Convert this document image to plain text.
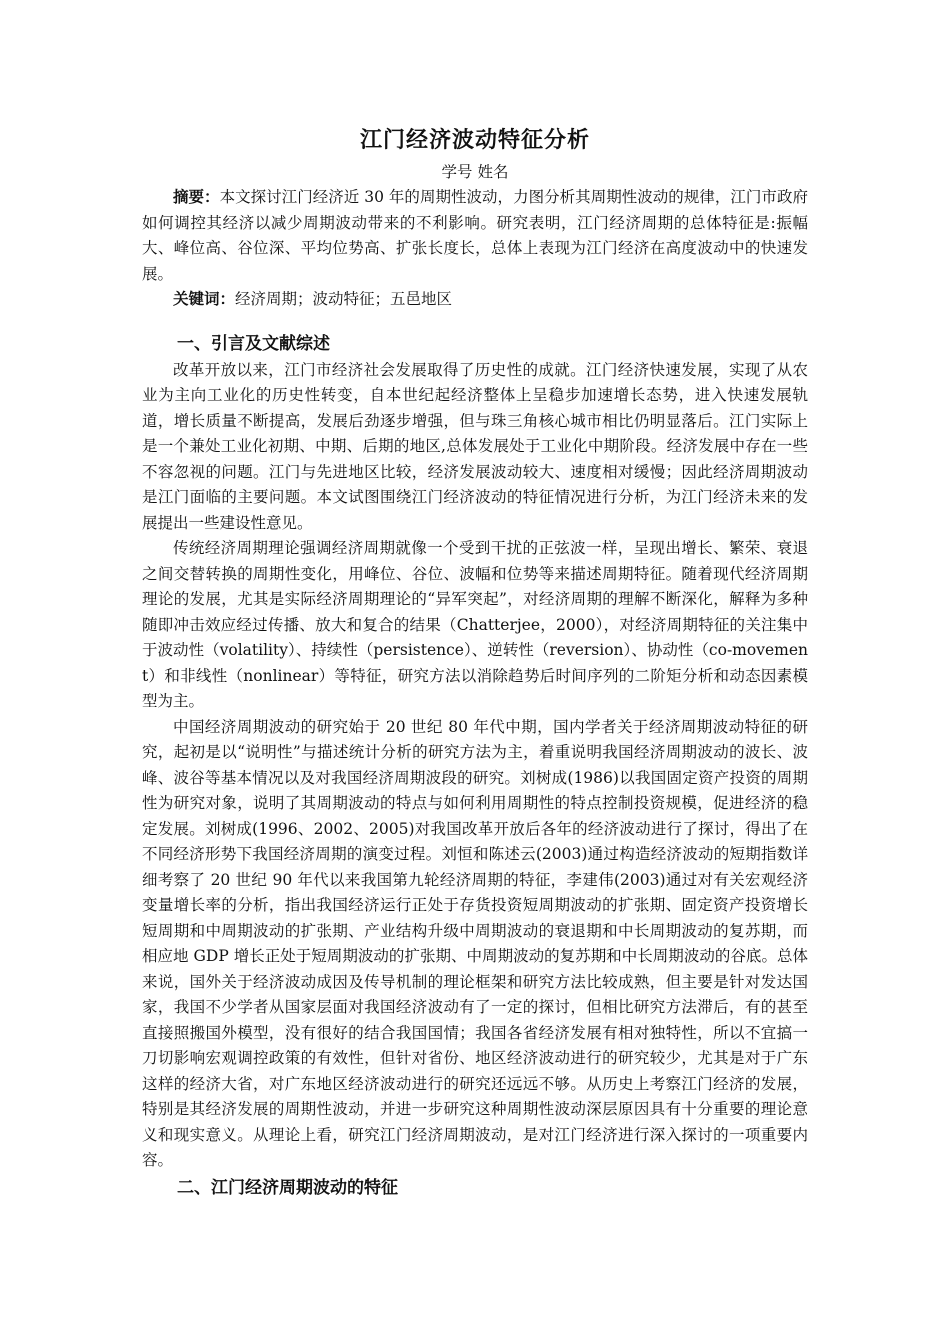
江门经济波动特征分析

学号 姓名

摘要：本文探讨江门经济近 30 年的周期性波动，力图分析其周期性波动的规律，江门市政府如何调控其经济以减少周期波动带来的不利影响。研究表明，江门经济周期的总体特征是:振幅大、峰位高、谷位深、平均位势高、扩张长度长，总体上表现为江门经济在高度波动中的快速发展。

关键词：经济周期；波动特征；五邑地区

一、引言及文献综述

改革开放以来，江门市经济社会发展取得了历史性的成就。江门经济快速发展，实现了从农业为主向工业化的历史性转变，自本世纪起经济整体上呈稳步加速增长态势，进入快速发展轨道，增长质量不断提高，发展后劲逐步增强，但与珠三角核心城市相比仍明显落后。江门实际上是一个兼处工业化初期、中期、后期的地区,总体发展处于工业化中期阶段。经济发展中存在一些不容忽视的问题。江门与先进地区比较，经济发展波动较大、速度相对缓慢；因此经济周期波动是江门面临的主要问题。本文试图围绕江门经济波动的特征情况进行分析，为江门经济未来的发展提出一些建设性意见。

传统经济周期理论强调经济周期就像一个受到干扰的正弦波一样，呈现出增长、繁荣、衰退之间交替转换的周期性变化，用峰位、谷位、波幅和位势等来描述周期特征。随着现代经济周期理论的发展，尤其是实际经济周期理论的“异军突起”，对经济周期的理解不断深化，解释为多种随即冲击效应经过传播、放大和复合的结果（Chatterjee，2000），对经济周期特征的关注集中于波动性（volatility）、持续性（persistence）、逆转性（reversion）、协动性（co-movement）和非线性（nonlinear）等特征，研究方法以消除趋势后时间序列的二阶矩分析和动态因素模型为主。

中国经济周期波动的研究始于 20 世纪 80 年代中期，国内学者关于经济周期波动特征的研究，起初是以“说明性”与描述统计分析的研究方法为主，着重说明我国经济周期波动的波长、波峰、波谷等基本情况以及对我国经济周期波段的研究。刘树成(1986)以我国固定资产投资的周期性为研究对象，说明了其周期波动的特点与如何利用周期性的特点控制投资规模，促进经济的稳定发展。刘树成(1996、2002、2005)对我国改革开放后各年的经济波动进行了探讨，得出了在不同经济形势下我国经济周期的演变过程。刘恒和陈述云(2003)通过构造经济波动的短期指数详细考察了 20 世纪 90 年代以来我国第九轮经济周期的特征，李建伟(2003)通过对有关宏观经济变量增长率的分析，指出我国经济运行正处于存货投资短周期波动的扩张期、固定资产投资增长短周期和中周期波动的扩张期、产业结构升级中周期波动的衰退期和中长周期波动的复苏期，而相应地 GDP 增长正处于短周期波动的扩张期、中周期波动的复苏期和中长周期波动的谷底。总体来说，国外关于经济波动成因及传导机制的理论框架和研究方法比较成熟，但主要是针对发达国家，我国不少学者从国家层面对我国经济波动有了一定的探讨，但相比研究方法滞后，有的甚至直接照搬国外模型，没有很好的结合我国国情；我国各省经济发展有相对独特性，所以不宜搞一刀切影响宏观调控政策的有效性，但针对省份、地区经济波动进行的研究较少，尤其是对于广东这样的经济大省，对广东地区经济波动进行的研究还远远不够。从历史上考察江门经济的发展，特别是其经济发展的周期性波动，并进一步研究这种周期性波动深层原因具有十分重要的理论意义和现实意义。从理论上看，研究江门经济周期波动，是对江门经济进行深入探讨的一项重要内容。

二、江门经济周期波动的特征
